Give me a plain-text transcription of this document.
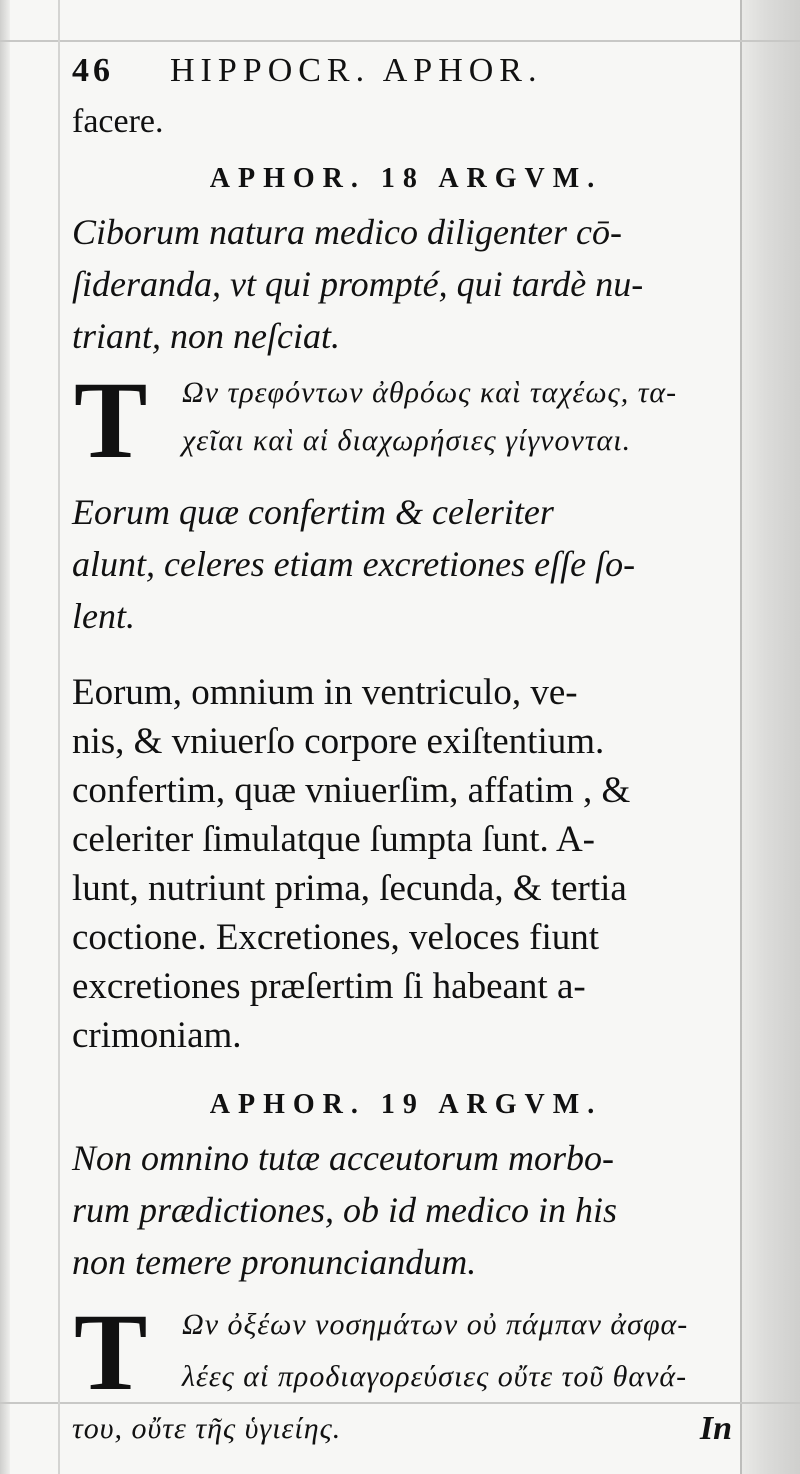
46 HIPPOCR. APHOR.
facere.
APHOR. 18 ARGVM.
Ciborum natura medico diligenter cō-
ſideranda, vt qui prompté, qui tardè nu-
triant, non neſciat.
T Ων τρεφόντων ἀθρόως καὶ ταχέως, τα-
χεῖαι καὶ αἱ διαχωρήσιες γίγνονται.
Eorum quæ confertim & celeriter
alunt, celeres etiam excretiones eſſe ſo-
lent.
Eorum, omnium in ventriculo, ve-
nis, & vniuerſo corpore exiſtentium.
confertim, quæ vniuerſim, affatim , &
celeriter ſimulatque ſumpta ſunt. A-
lunt, nutriunt prima, ſecunda, & tertia
coctione. Excretiones, veloces fiunt
excretiones præſertim ſi habeant a-
crimoniam.
APHOR. 19 ARGVM.
Non omnino tutæ acceutorum morbo-
rum prædictiones, ob id medico in his
non temere pronunciandum.
T Ων ὀξέων νοσημάτων οὐ πάμπαν ἀσφα-
λέες αἱ προδιαγορεύσιες οὔτε τοῦ θανά-
του, οὔτε τῆς ὑγιείης.	In
